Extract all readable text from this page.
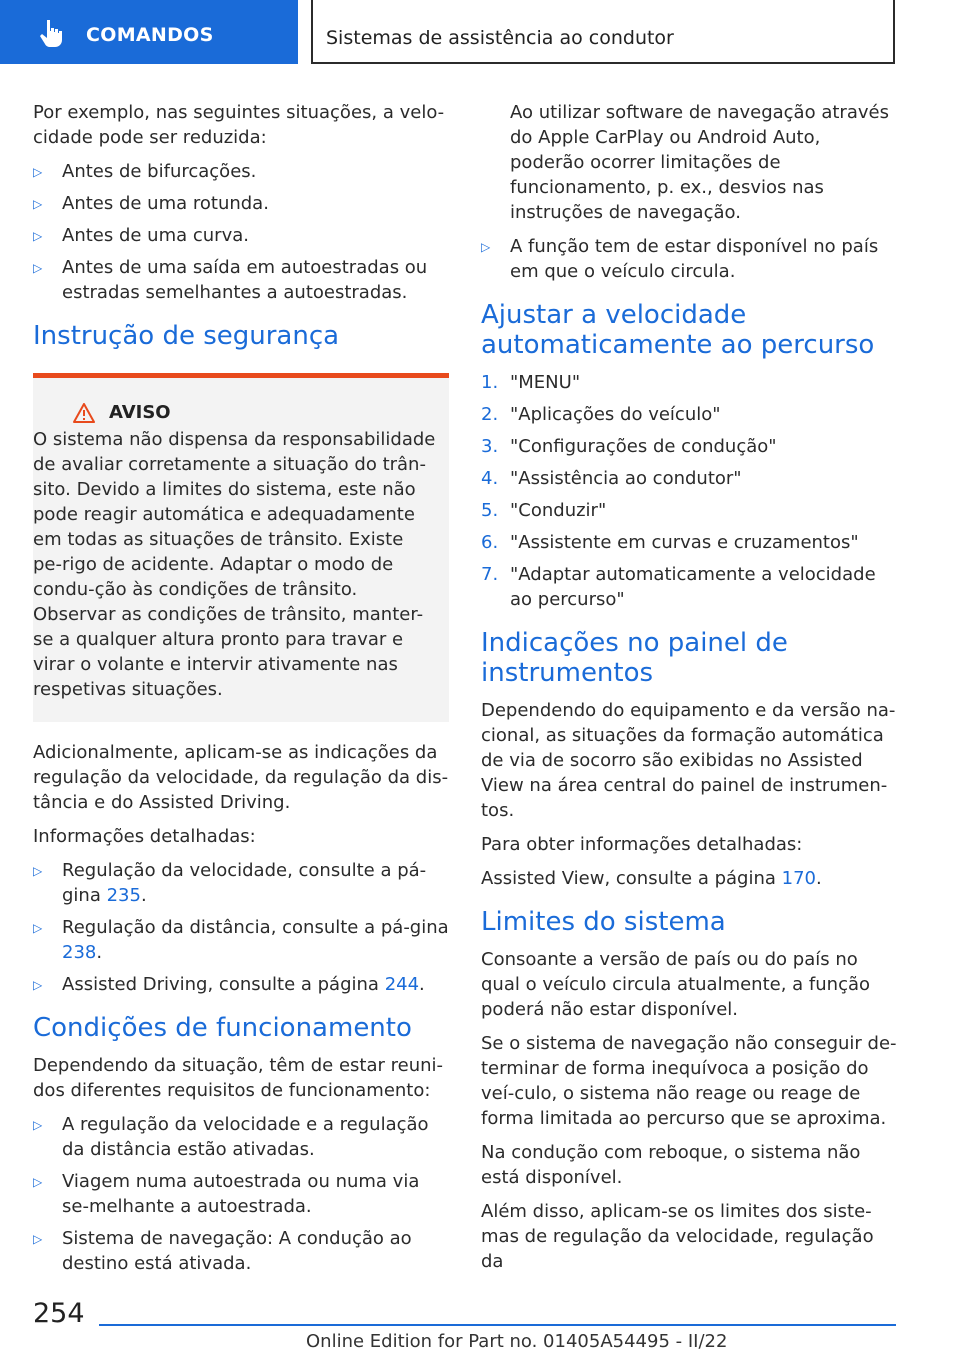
COMANDOS	Sistemas de assistência ao condutor

Por exemplo, nas seguintes situações, a velo-cidade pode ser reduzida:

▷ Antes de bifurcações.
▷ Antes de uma rotunda.
▷ Antes de uma curva.
▷ Antes de uma saída em autoestradas ou estradas semelhantes a autoestradas.
Instrução de segurança
AVISO
O sistema não dispensa da responsabilidade de avaliar corretamente a situação do trân-sito. Devido a limites do sistema, este não pode reagir automática e adequadamente em todas as situações de trânsito. Existe pe-rigo de acidente. Adaptar o modo de condu-ção às condições de trânsito. Observar as condições de trânsito, manter-se a qualquer altura pronto para travar e virar o volante e intervir ativamente nas respetivas situações.

Adicionalmente, aplicam-se as indicações da regulação da velocidade, da regulação da dis-tância e do Assisted Driving.

Informações detalhadas:

▷ Regulação da velocidade, consulte a pá-gina 235.
▷ Regulação da distância, consulte a pá-gina 238.
▷ Assisted Driving, consulte a página 244.
Condições de funcionamento

Dependendo da situação, têm de estar reuni-dos diferentes requisitos de funcionamento:

▷ A regulação da velocidade e a regulação da distância estão ativadas.
▷ Viagem numa autoestrada ou numa via se-melhante a autoestrada.
▷ Sistema de navegação: A condução ao destino está ativada.

Ao utilizar software de navegação através do Apple CarPlay ou Android Auto, poderão ocorrer limitações de funcionamento, p. ex., desvios nas instruções de navegação.

▷ A função tem de estar disponível no país em que o veículo circula.
Ajustar a velocidade automaticamente ao percurso
1. "MENU"
2. "Aplicações do veículo"
3. "Configurações de condução"
4. "Assistência ao condutor"
5. "Conduzir"
6. "Assistente em curvas e cruzamentos"
7. "Adaptar automaticamente a velocidade ao percurso"
Indicações no painel de instrumentos

Dependendo do equipamento e da versão na-cional, as situações da formação automática de via de socorro são exibidas no Assisted View na área central do painel de instrumen-tos.

Para obter informações detalhadas:

Assisted View, consulte a página 170.

Limites do sistema

Consoante a versão de país ou do país no qual o veículo circula atualmente, a função poderá não estar disponível.

Se o sistema de navegação não conseguir de-terminar de forma inequívoca a posição do veí-culo, o sistema não reage ou reage de forma limitada ao percurso que se aproxima.

Na condução com reboque, o sistema não está disponível.

Além disso, aplicam-se os limites dos siste-mas de regulação da velocidade, regulação da

254
Online Edition for Part no. 01405A54495 - II/22
